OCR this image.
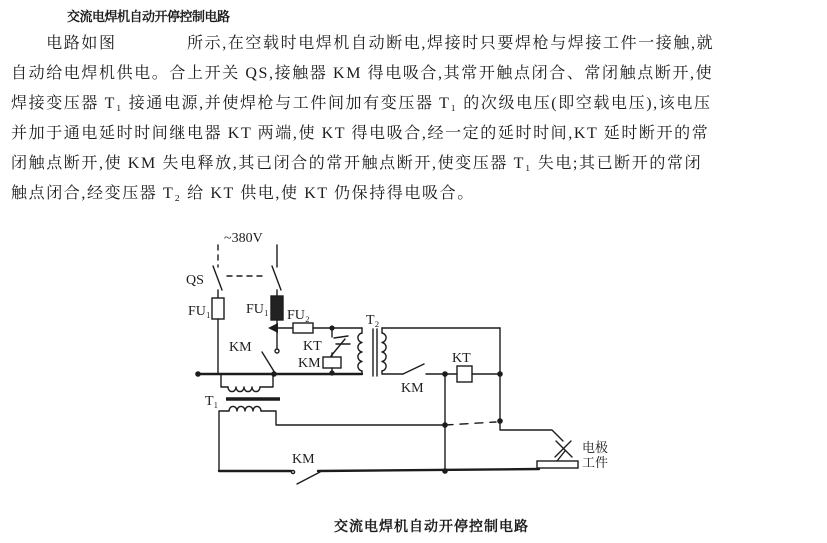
交流电焊机自动开停控制电路
　　电路如图　　　　所示,在空载时电焊机自动断电,焊接时只要焊枪与焊接工件一接触,就
自动给电焊机供电。合上开关 QS,接触器 KM 得电吸合,其常开触点闭合、常闭触点断开,使
焊接变压器 T₁ 接通电源,并使焊枪与工件间加有变压器 T₁ 的次级电压(即空载电压),该电压
并加于通电延时时间继电器 KT 两端,使 KT 得电吸合,经一定的延时时间,KT 延时断开的常
闭触点断开,使 KM 失电释放,其已闭合的常开触点断开,使变压器 T₁ 失电;其已断开的常闭
触点闭合,经变压器 T₂ 给 KT 供电,使 KT 仍保持得电吸合。
~380V
QS
FU₁	FU₁
KM
FU₂
KT
KM
T₂
KM
KT
T₁
KM
电极
工件
交流电焊机自动开停控制电路
